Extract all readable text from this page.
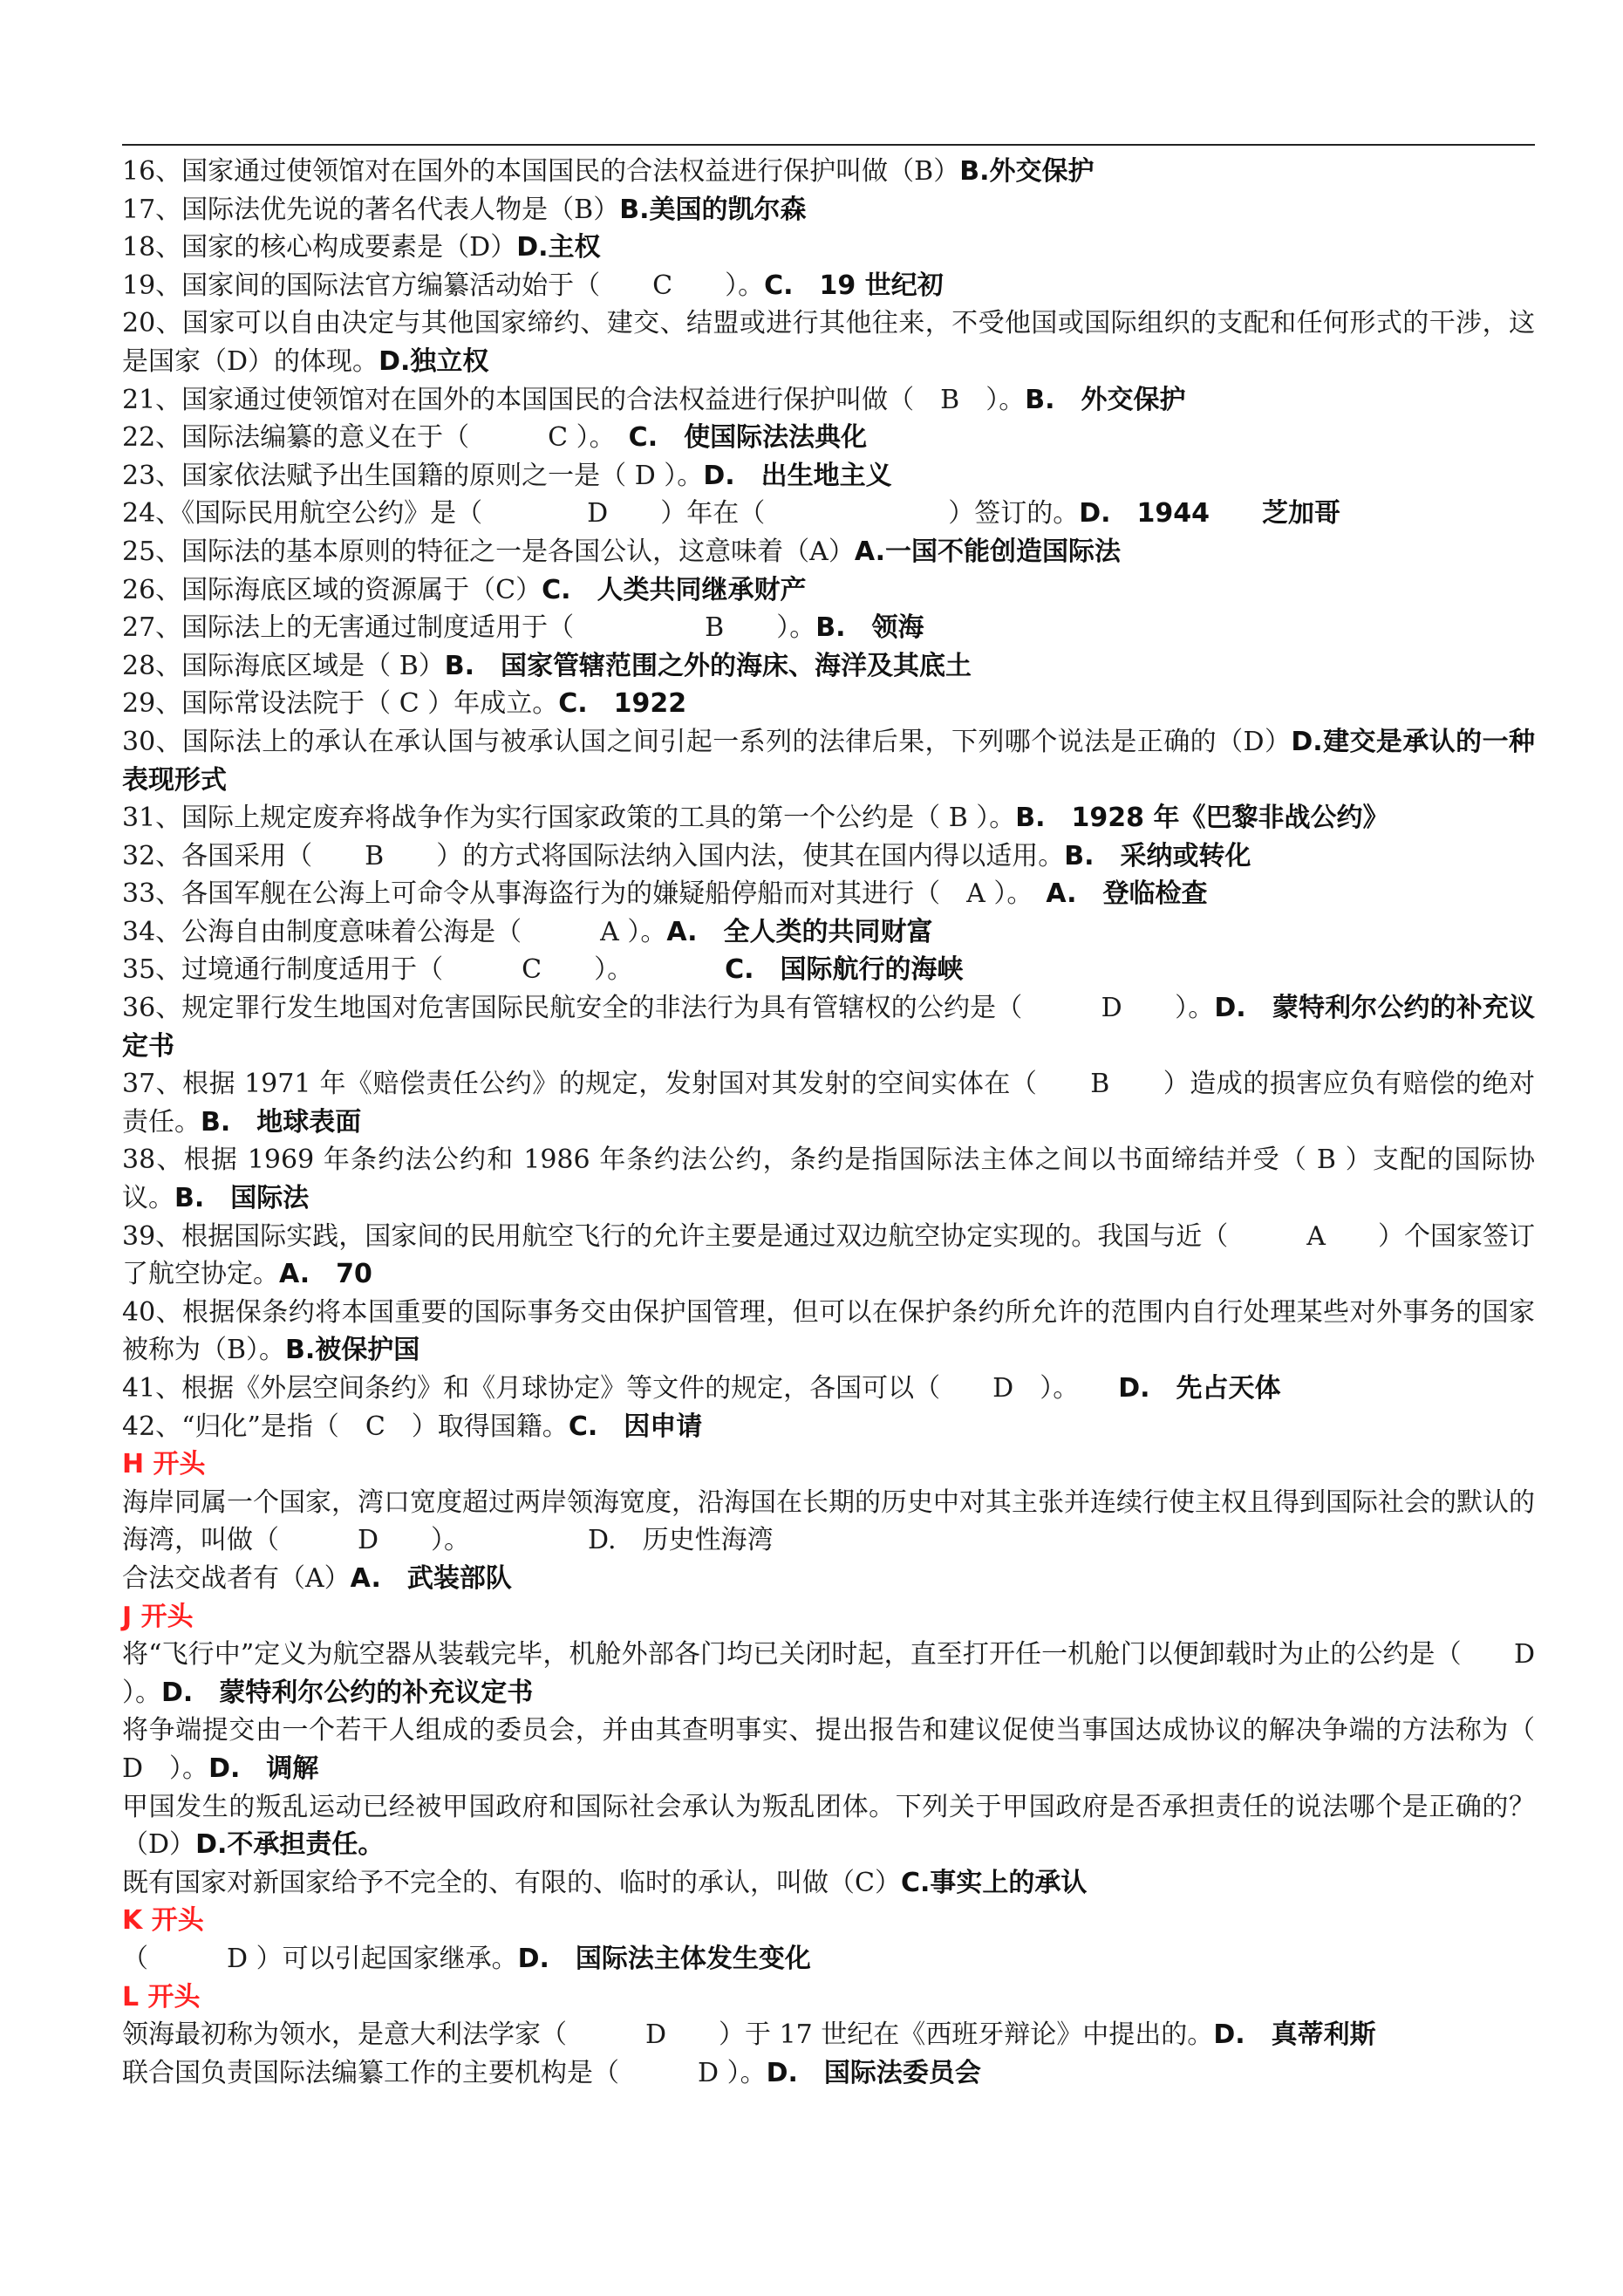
16、国家通过使领馆对在国外的本国国民的合法权益进行保护叫做（B）B.外交保护
17、国际法优先说的著名代表人物是（B）B.美国的凯尔森
18、国家的核心构成要素是（D）D.主权
19、国家间的国际法官方编纂活动始于（　　C　　）。C.　19 世纪初
20、国家可以自由决定与其他国家缔约、建交、结盟或进行其他往来，不受他国或国际组织的支配和任何形式的干涉，这是国家（D）的体现。D.独立权
21、国家通过使领馆对在国外的本国国民的合法权益进行保护叫做（　B　）。B.　外交保护
22、国际法编纂的意义在于（　　　C ）。　C.　使国际法法典化
23、国家依法赋予出生国籍的原则之一是（ D ）。D.　出生地主义
24、《国际民用航空公约》是（　　　　D　　）年在（　　　　　　　）签订的。D.　1944　　芝加哥
25、国际法的基本原则的特征之一是各国公认，这意味着（A）A.一国不能创造国际法
26、国际海底区域的资源属于（C）C.　人类共同继承财产
27、国际法上的无害通过制度适用于（　　　　　B　　）。B.　领海
28、国际海底区域是（ B）B.　国家管辖范围之外的海床、海洋及其底土
29、国际常设法院于（ C ）年成立。C.　1922
30、国际法上的承认在承认国与被承认国之间引起一系列的法律后果，下列哪个说法是正确的（D）D.建交是承认的一种表现形式
31、国际上规定废弃将战争作为实行国家政策的工具的第一个公约是（ B ）。B.　1928 年《巴黎非战公约》
32、各国采用（　　B　　）的方式将国际法纳入国内法，使其在国内得以适用。B.　采纳或转化
33、各国军舰在公海上可命令从事海盗行为的嫌疑船停船而对其进行（　A ）。　A.　登临检查
34、公海自由制度意味着公海是（　　　A ）。A.　全人类的共同财富
35、过境通行制度适用于（　　　C　　）。　　　　C.　国际航行的海峡
36、规定罪行发生地国对危害国际民航安全的非法行为具有管辖权的公约是（　　　D　　）。D.　蒙特利尔公约的补充议定书
37、根据 1971 年《赔偿责任公约》的规定，发射国对其发射的空间实体在（　　B　　）造成的损害应负有赔偿的绝对责任。B.　地球表面
38、根据 1969 年条约法公约和 1986 年条约法公约，条约是指国际法主体之间以书面缔结并受（ B ）支配的国际协议。B.　国际法
39、根据国际实践，国家间的民用航空飞行的允许主要是通过双边航空协定实现的。我国与近（　　　A　　）个国家签订了航空协定。A.　70
40、根据保条约将本国重要的国际事务交由保护国管理，但可以在保护条约所允许的范围内自行处理某些对外事务的国家被称为（B）。B.被保护国
41、根据《外层空间条约》和《月球协定》等文件的规定，各国可以（　　D　）。　　D.　先占天体
42、“归化”是指（　C　）取得国籍。C.　因申请
H 开头
海岸同属一个国家，湾口宽度超过两岸领海宽度，沿海国在长期的历史中对其主张并连续行使主权且得到国际社会的默认的海湾，叫做（　　　D　　）。　　　　　D.　历史性海湾
合法交战者有（A）A.　武装部队
J 开头
将“飞行中”定义为航空器从装载完毕，机舱外部各门均已关闭时起，直至打开任一机舱门以便卸载时为止的公约是（　　D ）。D.　蒙特利尔公约的补充议定书
将争端提交由一个若干人组成的委员会，并由其查明事实、提出报告和建议促使当事国达成协议的解决争端的方法称为（　D　）。D.　调解
甲国发生的叛乱运动已经被甲国政府和国际社会承认为叛乱团体。下列关于甲国政府是否承担责任的说法哪个是正确的？（D）D.不承担责任。
既有国家对新国家给予不完全的、有限的、临时的承认，叫做（C）C.事实上的承认
K 开头
（　　　D ）可以引起国家继承。D.　国际法主体发生变化
L 开头
领海最初称为领水，是意大利法学家（　　　D　　）于 17 世纪在《西班牙辩论》中提出的。D.　真蒂利斯
联合国负责国际法编纂工作的主要机构是（　　　D ）。D.　国际法委员会
